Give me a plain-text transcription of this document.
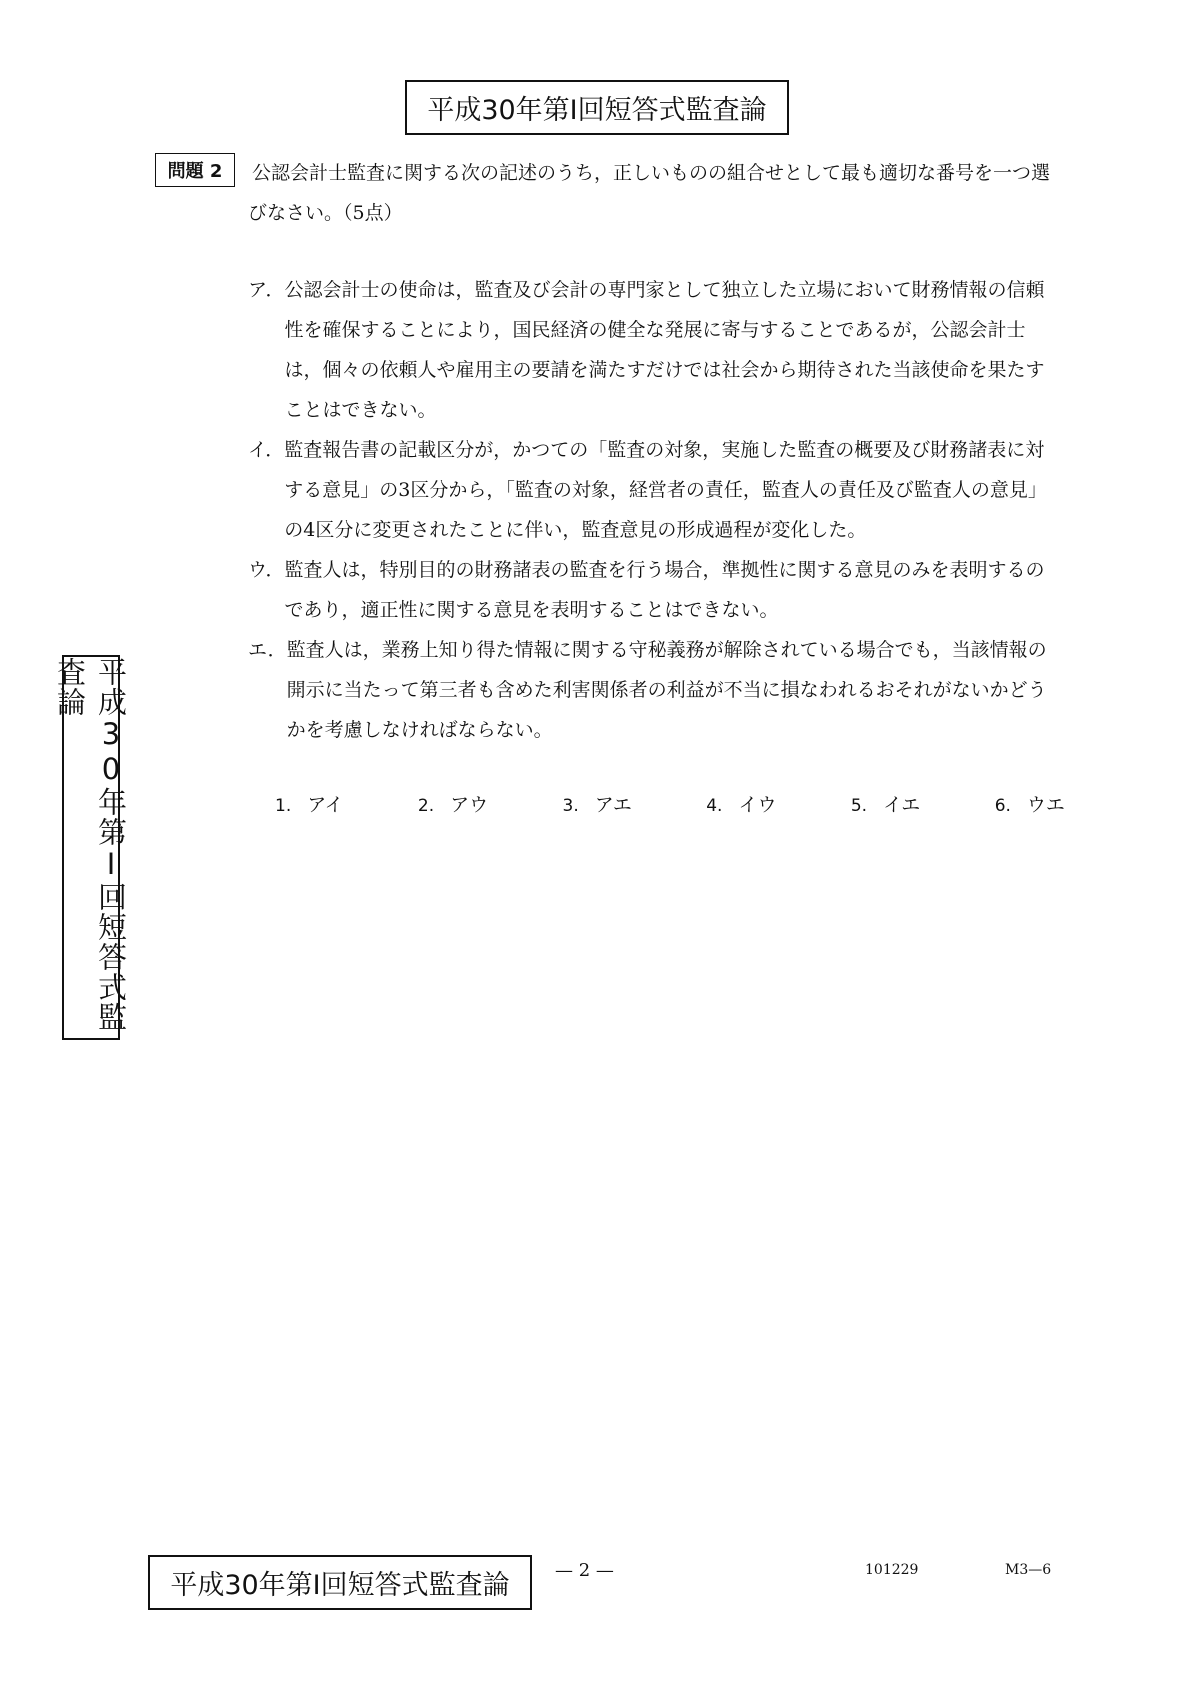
平成30年第Ⅰ回短答式監査論
問題 2	公認会計士監査に関する次の記述のうち，正しいものの組合せとして最も適切な番号を一つ選びなさい。（5点）
ア． 公認会計士の使命は，監査及び会計の専門家として独立した立場において財務情報の信頼性を確保することにより，国民経済の健全な発展に寄与することであるが，公認会計士は，個々の依頼人や雇用主の要請を満たすだけでは社会から期待された当該使命を果たすことはできない。
イ． 監査報告書の記載区分が，かつての「監査の対象，実施した監査の概要及び財務諸表に対する意見」の3区分から，「監査の対象，経営者の責任，監査人の責任及び監査人の意見」の4区分に変更されたことに伴い，監査意見の形成過程が変化した。
ウ． 監査人は，特別目的の財務諸表の監査を行う場合，準拠性に関する意見のみを表明するのであり，適正性に関する意見を表明することはできない。
エ． 監査人は，業務上知り得た情報に関する守秘義務が解除されている場合でも，当該情報の開示に当たって第三者も含めた利害関係者の利益が不当に損なわれるおそれがないかどうかを考慮しなければならない。
1. アイ	2. アウ	3. アエ	4. イウ	5. イエ	6. ウエ
平成30年第Ⅰ回短答式監査論
平成30年第Ⅰ回短答式監査論	— 2 —	101229	M3—6
